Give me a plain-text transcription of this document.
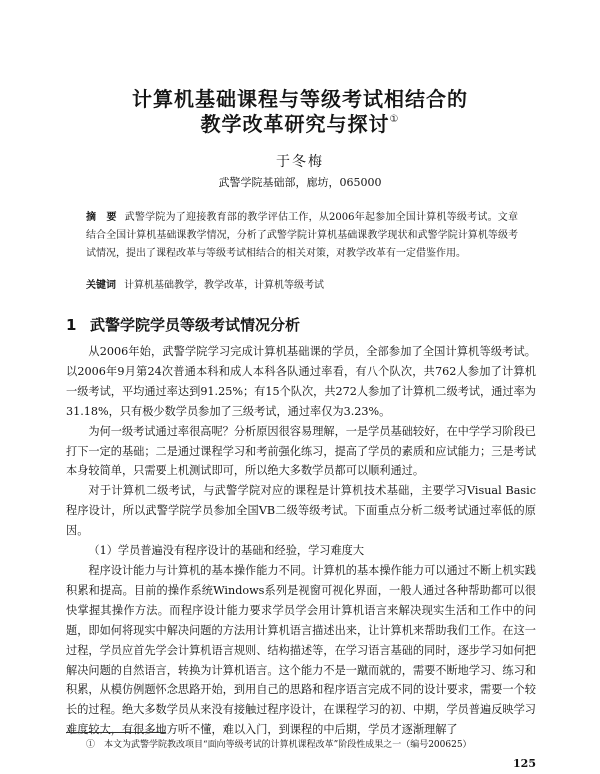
计算机基础课程与等级考试相结合的
教学改革研究与探讨①
于冬梅
武警学院基础部，廊坊，065000
摘　要 武警学院为了迎接教育部的教学评估工作，从2006年起参加全国计算机等级考试。文章结合全国计算机基础课教学情况，分析了武警学院计算机基础课教学现状和武警学院计算机等级考试情况，提出了课程改革与等级考试相结合的相关对策，对教学改革有一定借鉴作用。
关键词 计算机基础教学，教学改革，计算机等级考试
1 武警学院学员等级考试情况分析

从2006年始，武警学院学习完成计算机基础课的学员，全部参加了全国计算机等级考试。以2006年9月第24次普通本科和成人本科各队通过率看，有八个队次，共762人参加了计算机一级考试，平均通过率达到91.25%；有15个队次，共272人参加了计算机二级考试，通过率为31.18%，只有极少数学员参加了三级考试，通过率仅为3.23%。

为何一级考试通过率很高呢？分析原因很容易理解，一是学员基础较好，在中学学习阶段已打下一定的基础；二是通过课程学习和考前强化练习，提高了学员的素质和应试能力；三是考试本身较简单，只需要上机测试即可，所以绝大多数学员都可以顺利通过。

对于计算机二级考试，与武警学院对应的课程是计算机技术基础，主要学习Visual Basic程序设计，所以武警学院学员参加全国VB二级等级考试。下面重点分析二级考试通过率低的原因。

（1）学员普遍没有程序设计的基础和经验，学习难度大

程序设计能力与计算机的基本操作能力不同。计算机的基本操作能力可以通过不断上机实践积累和提高。目前的操作系统Windows系列是视窗可视化界面，一般人通过各种帮助都可以很快掌握其操作方法。而程序设计能力要求学员学会用计算机语言来解决现实生活和工作中的问题，即如何将现实中解决问题的方法用计算机语言描述出来，让计算机来帮助我们工作。在这一过程，学员应首先学会计算机语言规则、结构描述等，在学习语言基础的同时，逐步学习如何把解决问题的自然语言，转换为计算机语言。这个能力不是一蹴而就的，需要不断地学习、练习和积累，从模仿例题怀念思路开始，到用自己的思路和程序语言完成不同的设计要求，需要一个较长的过程。绝大多数学员从来没有接触过程序设计，在课程学习的初、中期，学员普遍反映学习难度较大，有很多地方听不懂，难以入门，到课程的中后期，学员才逐渐理解了

①　本文为武警学院教改项目“面向等级考试的计算机课程改革”阶段性成果之一（编号200625）
125
